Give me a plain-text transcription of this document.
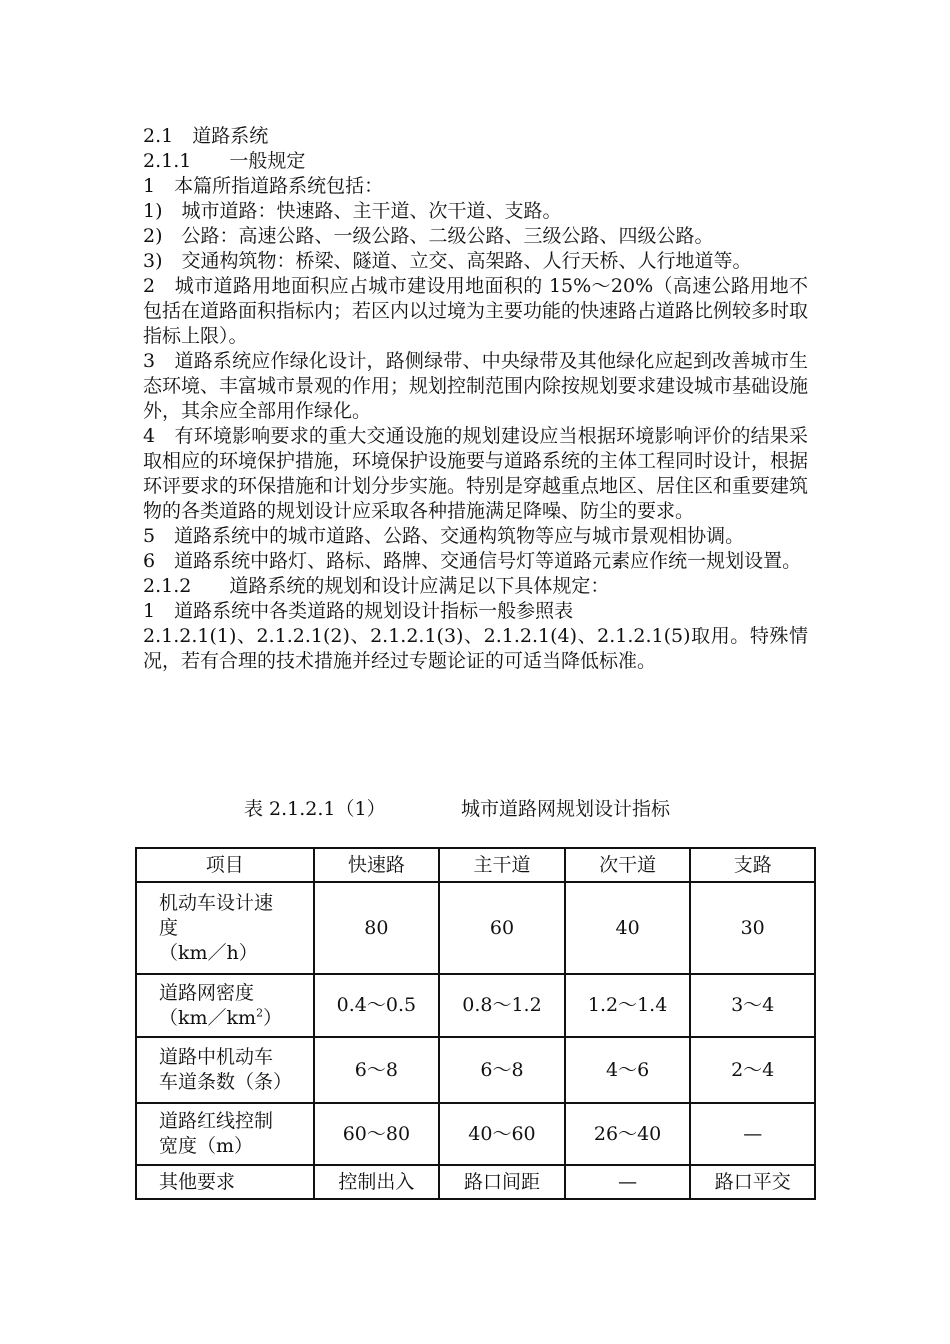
2.1　道路系统

2.1.1　　一般规定

1　本篇所指道路系统包括：

1)　城市道路：快速路、主干道、次干道、支路。

2)　公路：高速公路、一级公路、二级公路、三级公路、四级公路。

3)　交通构筑物：桥梁、隧道、立交、高架路、人行天桥、人行地道等。

2　城市道路用地面积应占城市建设用地面积的 15%～20%（高速公路用地不包括在道路面积指标内；若区内以过境为主要功能的快速路占道路比例较多时取指标上限）。

3　道路系统应作绿化设计，路侧绿带、中央绿带及其他绿化应起到改善城市生态环境、丰富城市景观的作用；规划控制范围内除按规划要求建设城市基础设施外，其余应全部用作绿化。

4　有环境影响要求的重大交通设施的规划建设应当根据环境影响评价的结果采取相应的环境保护措施，环境保护设施要与道路系统的主体工程同时设计，根据环评要求的环保措施和计划分步实施。特别是穿越重点地区、居住区和重要建筑物的各类道路的规划设计应采取各种措施满足降噪、防尘的要求。

5　道路系统中的城市道路、公路、交通构筑物等应与城市景观相协调。

6　道路系统中路灯、路标、路牌、交通信号灯等道路元素应作统一规划设置。

2.1.2　　道路系统的规划和设计应满足以下具体规定：

1　道路系统中各类道路的规划设计指标一般参照表

2.1.2.1(1)、2.1.2.1(2)、2.1.2.1(3)、2.1.2.1(4)、2.1.2.1(5)取用。特殊情况，若有合理的技术措施并经过专题论证的可适当降低标准。

表 2.1.2.1（1）	城市道路网规划设计指标
项目	快速路	主干道	次干道	支路
机动车设计速
度
（km／h）	80	60	40	30
道路网密度
$(km/km^2)$	0.4～0.5	0.8～1.2	1.2～1.4	3～4
道路中机动车
车道条数（条）	6～8	6～8	4～6	2～4
道路红线控制
宽度（m）	60～80	40～60	26～40	—
其他要求	控制出入	路口间距	—	路口平交
